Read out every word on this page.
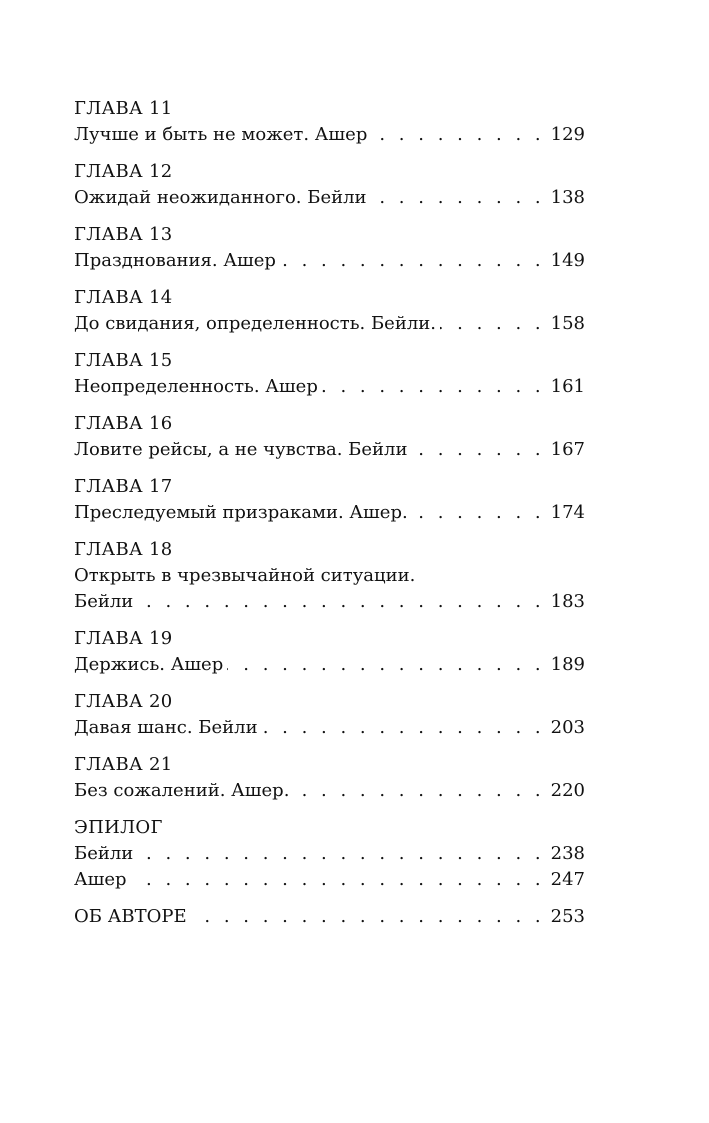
ГЛАВА 11
Лучше и быть не может. Ашер . . .	129
ГЛАВА 12
Ожидай неожиданного. Бейли . . .	138
ГЛАВА 13
Празднования. Ашер . . .	149
ГЛАВА 14
До свидания, определенность. Бейли. . . .	158
ГЛАВА 15
Неопределенность. Ашер . . .	161
ГЛАВА 16
Ловите рейсы, а не чувства. Бейли . . .	167
ГЛАВА 17
Преследуемый призраками. Ашер. . . .	174
ГЛАВА 18
Открыть в чрезвычайной ситуации.
Бейли . . .	183
ГЛАВА 19
Держись. Ашер . . .	189
ГЛАВА 20
Давая шанс. Бейли . . .	203
ГЛАВА 21
Без сожалений. Ашер. . . .	220
ЭПИЛОГ
Бейли . . .	238
Ашер . . .	247
ОБ АВТОРЕ . . .	253
